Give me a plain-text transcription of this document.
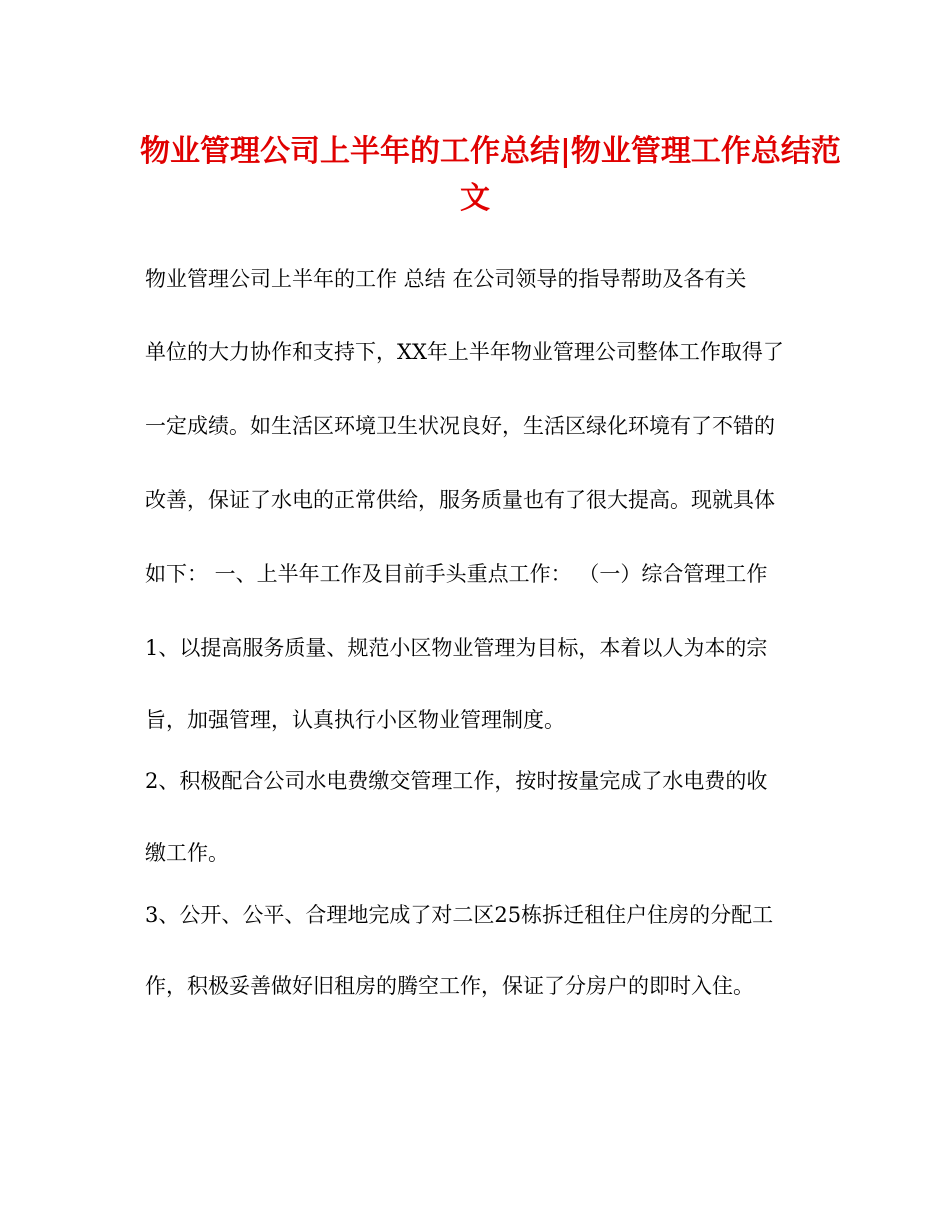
物业管理公司上半年的工作总结|物业管理工作总结范
文
物业管理公司上半年的工作 总结 在公司领导的指导帮助及各有关
单位的大力协作和支持下，XX年上半年物业管理公司整体工作取得了
一定成绩。如生活区环境卫生状况良好，生活区绿化环境有了不错的
改善，保证了水电的正常供给，服务质量也有了很大提高。现就具体
如下： 一、上半年工作及目前手头重点工作： （一）综合管理工作
1、以提高服务质量、规范小区物业管理为目标，本着以人为本的宗
旨，加强管理，认真执行小区物业管理制度。
2、积极配合公司水电费缴交管理工作，按时按量完成了水电费的收
缴工作。
3、公开、公平、合理地完成了对二区25栋拆迁租住户住房的分配工
作，积极妥善做好旧租房的腾空工作，保证了分房户的即时入住。
